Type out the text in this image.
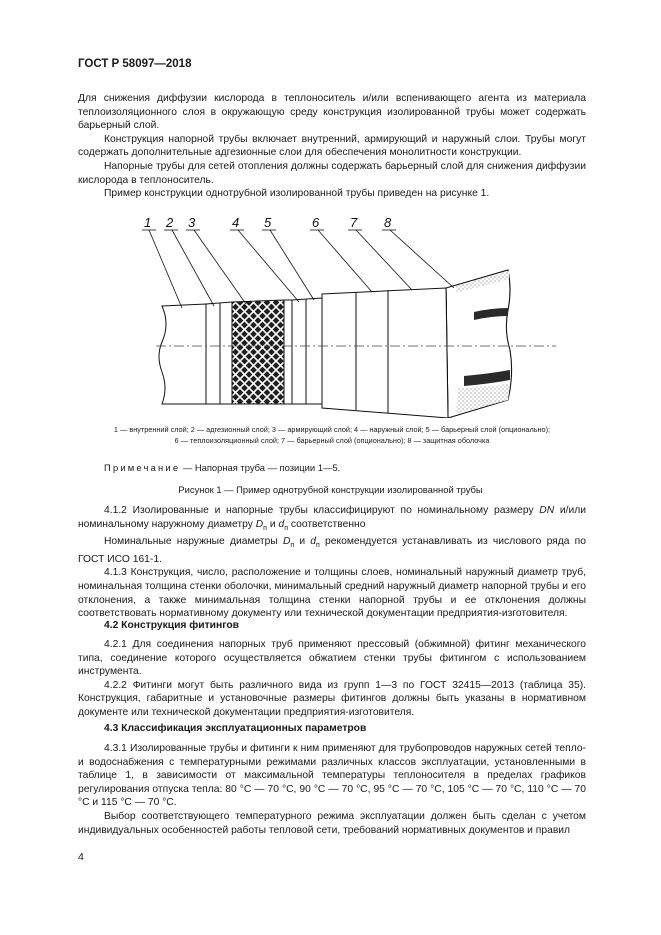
ГОСТ Р 58097—2018

Для снижения диффузии кислорода в теплоноситель и/или вспенивающего агента из материала теплоизоляционного слоя в окружающую среду конструкция изолированной трубы может содержать барьерный слой.

Конструкция напорной трубы включает внутренний, армирующий и наружный слои. Трубы могут содержать дополнительные адгезионные слои для обеспечения монолитности конструкции.

Напорные трубы для сетей отопления должны содержать барьерный слой для снижения диффузии кислорода в теплоноситель.

Пример конструкции однотрубной изолированной трубы приведен на рисунке 1.

1 2 3	4 5	6 7 8
1 — внутренний слой; 2 — адгезионный слой; 3 — армирующий слой; 4 — наружный слой; 5 — барьерный слой (опционально);
6 — теплоизоляционный слой; 7 — барьерный слой (опционально); 8 — защитная оболочка
Примечание — Напорная труба — позиции 1—5.
Рисунок 1 — Пример однотрубной конструкции изолированной трубы

4.1.2 Изолированные и напорные трубы классифицируют по номинальному размеру DN и/или номинальному наружному диаметру $D_п$ и $d_п$ соответственно

Номинальные наружные диаметры $D_п$ и $d_п$ рекомендуется устанавливать из числового ряда по ГОСТ ИСО 161-1.

4.1.3 Конструкция, число, расположение и толщины слоев, номинальный наружный диаметр труб, номинальная толщина стенки оболочки, минимальный средний наружный диаметр напорной трубы и его отклонения, а также минимальная толщина стенки напорной трубы и ее отклонения должны соответствовать нормативному документу или технической документации предприятия-изготовителя.

4.2 Конструкция фитингов

4.2.1 Для соединения напорных труб применяют прессовый (обжимной) фитинг механического типа, соединение которого осуществляется обжатием стенки трубы фитингом с использованием инструмента.

4.2.2 Фитинги могут быть различного вида из групп 1—3 по ГОСТ 32415—2013 (таблица 35). Конструкция, габаритные и установочные размеры фитингов должны быть указаны в нормативном документе или технической документации предприятия-изготовителя.

4.3 Классификация эксплуатационных параметров

4.3.1 Изолированные трубы и фитинги к ним применяют для трубопроводов наружных сетей тепло- и водоснабжения с температурными режимами различных классов эксплуатации, установленными в таблице 1, в зависимости от максимальной температуры теплоносителя в пределах графиков регулирования отпуска тепла: 80 °С — 70 °С, 90 °С — 70 °С, 95 °С — 70 °С, 105 °С — 70 °С, 110 °С — 70 °С и 115 °С — 70 °С.

Выбор соответствующего температурного режима эксплуатации должен быть сделан с учетом индивидуальных особенностей работы тепловой сети, требований нормативных документов и правил

4
